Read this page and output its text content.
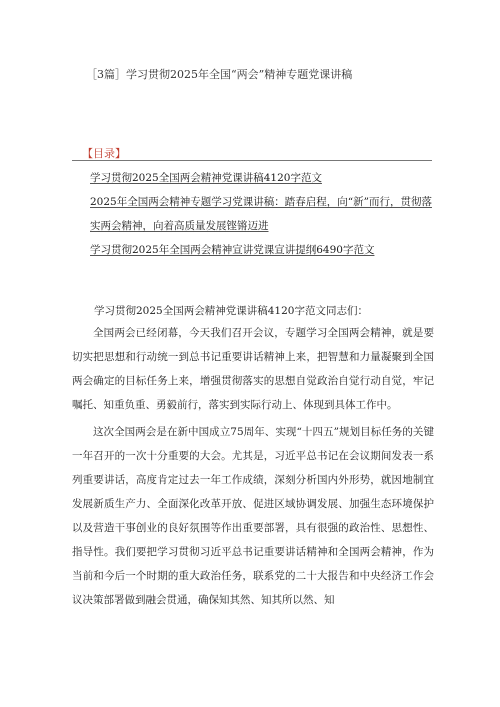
［3篇］学习贯彻2025年全国“两会”精神专题党课讲稿
【目录】
学习贯彻2025全国两会精神党课讲稿4120字范文
2025年全国两会精神专题学习党课讲稿：踏春启程，向“新”而行，贯彻落实两会精神，向着高质量发展铿锵迈进
学习贯彻2025年全国两会精神宣讲党课宣讲提纲6490字范文
学习贯彻2025全国两会精神党课讲稿4120字范文同志们：

全国两会已经闭幕，今天我们召开会议，专题学习全国两会精神，就是要切实把思想和行动统一到总书记重要讲话精神上来，把智慧和力量凝聚到全国两会确定的目标任务上来，增强贯彻落实的思想自觉政治自觉行动自觉，牢记嘱托、知重负重、勇毅前行，落实到实际行动上、体现到具体工作中。

这次全国两会是在新中国成立75周年、实现“十四五”规划目标任务的关键一年召开的一次十分重要的大会。尤其是，习近平总书记在会议期间发表一系列重要讲话，高度肯定过去一年工作成绩，深刻分析国内外形势，就因地制宜发展新质生产力、全面深化改革开放、促进区域协调发展、加强生态环境保护以及营造干事创业的良好氛围等作出重要部署，具有很强的政治性、思想性、指导性。我们要把学习贯彻习近平总书记重要讲话精神和全国两会精神，作为当前和今后一个时期的重大政治任务，联系党的二十大报告和中央经济工作会议决策部署做到融会贯通，确保知其然、知其所以然、知
